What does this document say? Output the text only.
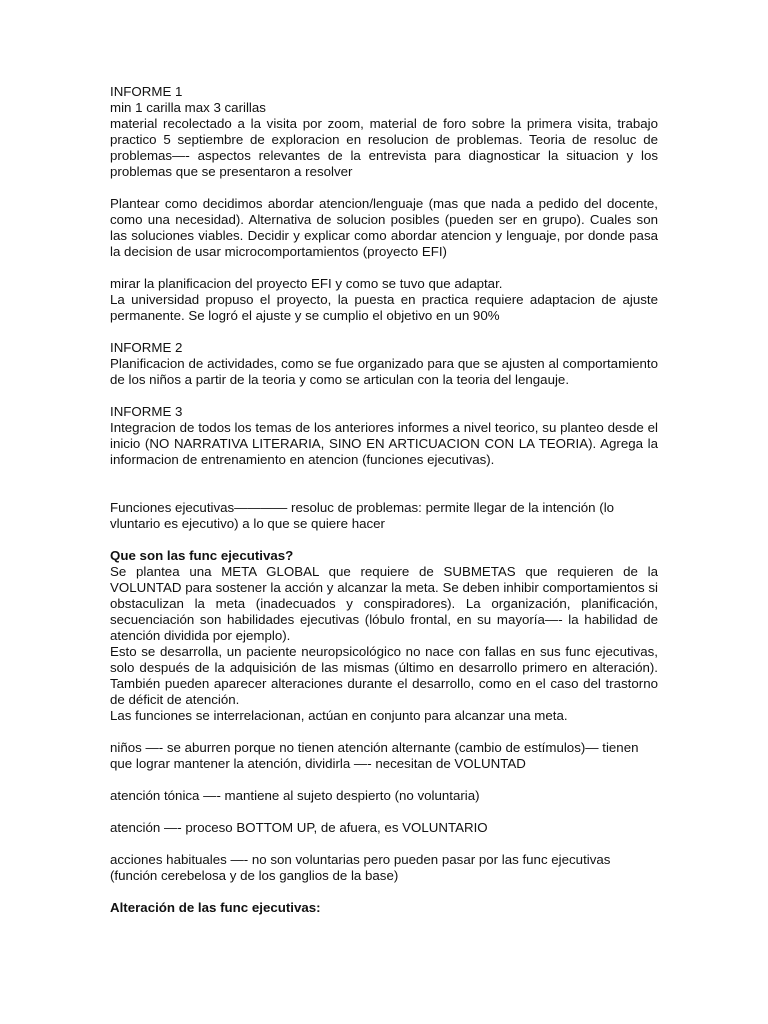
INFORME 1

min 1 carilla max 3 carillas

material recolectado a la visita por zoom, material de foro sobre la primera visita, trabajo practico 5 septiembre de exploracion en resolucion de problemas. Teoria de resoluc de problemas—- aspectos relevantes de la entrevista para diagnosticar la situacion y los problemas que se presentaron a resolver

Plantear como decidimos abordar atencion/lenguaje (mas que nada a pedido del docente, como una necesidad). Alternativa de solucion posibles (pueden ser en grupo). Cuales son las soluciones viables. Decidir y explicar como abordar atencion y lenguaje, por donde pasa la decision de usar microcomportamientos (proyecto EFI)

mirar la planificacion del proyecto EFI y como se tuvo que adaptar.

La universidad propuso el proyecto, la puesta en practica requiere adaptacion de ajuste permanente. Se logró el ajuste y se cumplio el objetivo en un 90%

INFORME 2

Planificacion de actividades, como se fue organizado para que se ajusten al comportamiento de los niños a partir de la teoria y como se articulan con la teoria del lengauje.

INFORME 3

Integracion de todos los temas de los anteriores informes a nivel teorico, su planteo desde el inicio (NO NARRATIVA LITERARIA, SINO EN ARTICUACION CON LA TEORIA). Agrega la informacion de entrenamiento en atencion (funciones ejecutivas).

Funciones ejecutivas———— resoluc de problemas: permite llegar de la intención (lo vluntario es ejecutivo) a lo que se quiere hacer

Que son las func ejecutivas?

Se plantea una META GLOBAL que requiere de SUBMETAS que requieren de la VOLUNTAD para sostener la acción y alcanzar la meta. Se deben inhibir comportamientos si obstaculizan la meta (inadecuados y conspiradores). La organización, planificación, secuenciación son habilidades ejecutivas (lóbulo frontal, en su mayoría—- la habilidad de atención dividida por ejemplo).

Esto se desarrolla, un paciente neuropsicológico no nace con fallas en sus func ejecutivas, solo después de la adquisición de las mismas (último en desarrollo primero en alteración). También pueden aparecer alteraciones durante el desarrollo, como en el caso del trastorno de déficit de atención.

Las funciones se interrelacionan, actúan en conjunto para alcanzar una meta.

niños —- se aburren porque no tienen atención alternante (cambio de estímulos)— tienen que lograr mantener la atención, dividirla —- necesitan de VOLUNTAD

atención tónica —- mantiene al sujeto despierto (no voluntaria)

atención —- proceso BOTTOM UP, de afuera, es VOLUNTARIO

acciones habituales —- no son voluntarias pero pueden pasar por las func ejecutivas (función cerebelosa y de los ganglios de la base)

Alteración de las func ejecutivas:
